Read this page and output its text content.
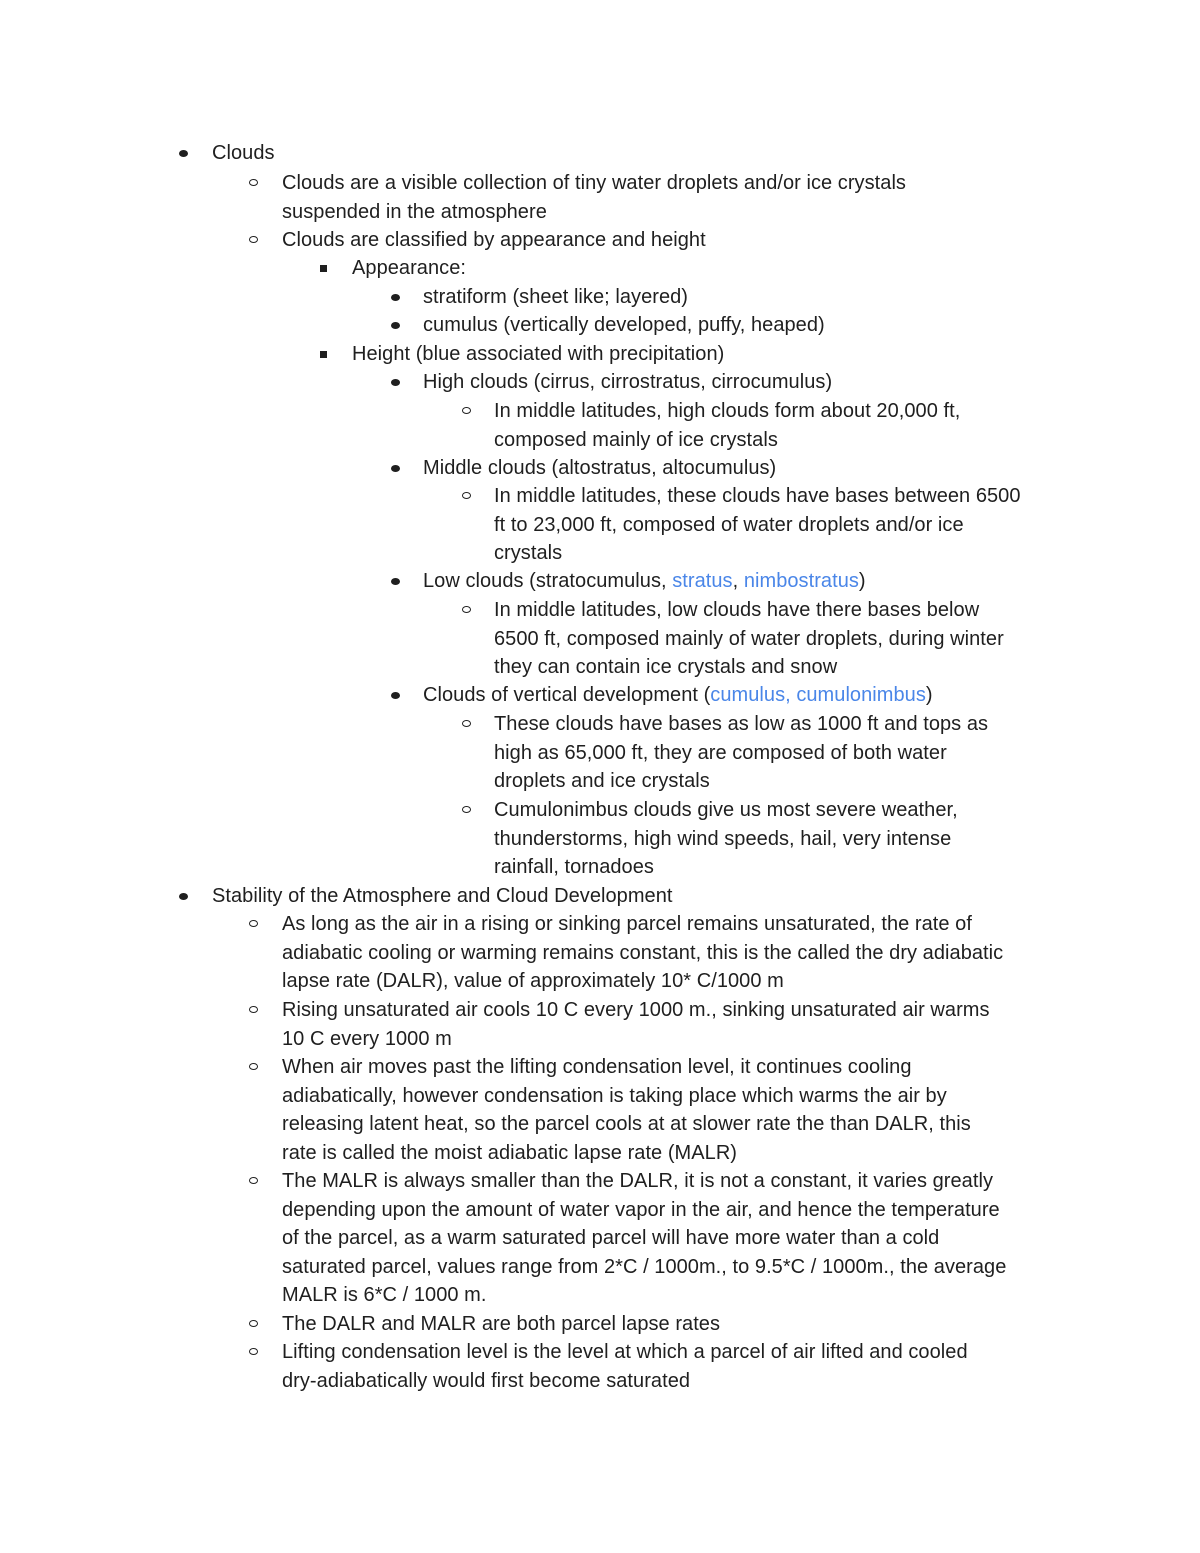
Clouds
Clouds are a visible collection of tiny water droplets and/or ice crystals
suspended in the atmosphere
Clouds are classified by appearance and height
Appearance:
stratiform (sheet like; layered)
cumulus (vertically developed, puffy, heaped)
Height (blue associated with precipitation)
High clouds (cirrus, cirrostratus, cirrocumulus)
In middle latitudes, high clouds form about 20,000 ft,
composed mainly of ice crystals
Middle clouds (altostratus, altocumulus)
In middle latitudes, these clouds have bases between 6500
ft to 23,000 ft, composed of water droplets and/or ice
crystals
Low clouds (stratocumulus, stratus, nimbostratus)
In middle latitudes, low clouds have there bases below
6500 ft, composed mainly of water droplets, during winter
they can contain ice crystals and snow
Clouds of vertical development (cumulus, cumulonimbus)
These clouds have bases as low as 1000 ft and tops as
high as 65,000 ft, they are composed of both water
droplets and ice crystals
Cumulonimbus clouds give us most severe weather,
thunderstorms, high wind speeds, hail, very intense
rainfall, tornadoes
Stability of the Atmosphere and Cloud Development
As long as the air in a rising or sinking parcel remains unsaturated, the rate of
adiabatic cooling or warming remains constant, this is the called the dry adiabatic
lapse rate (DALR), value of approximately 10* C/1000 m
Rising unsaturated air cools 10 C every 1000 m., sinking unsaturated air warms
10 C every 1000 m
When air moves past the lifting condensation level, it continues cooling
adiabatically, however condensation is taking place which warms the air by
releasing latent heat, so the parcel cools at at slower rate the than DALR, this
rate is called the moist adiabatic lapse rate (MALR)
The MALR is always smaller than the DALR, it is not a constant, it varies greatly
depending upon the amount of water vapor in the air, and hence the temperature
of the parcel, as a warm saturated parcel will have more water than a cold
saturated parcel, values range from 2*C / 1000m., to 9.5*C / 1000m., the average
MALR is 6*C / 1000 m.
The DALR and MALR are both parcel lapse rates
Lifting condensation level is the level at which a parcel of air lifted and cooled
dry-adiabatically would first become saturated
